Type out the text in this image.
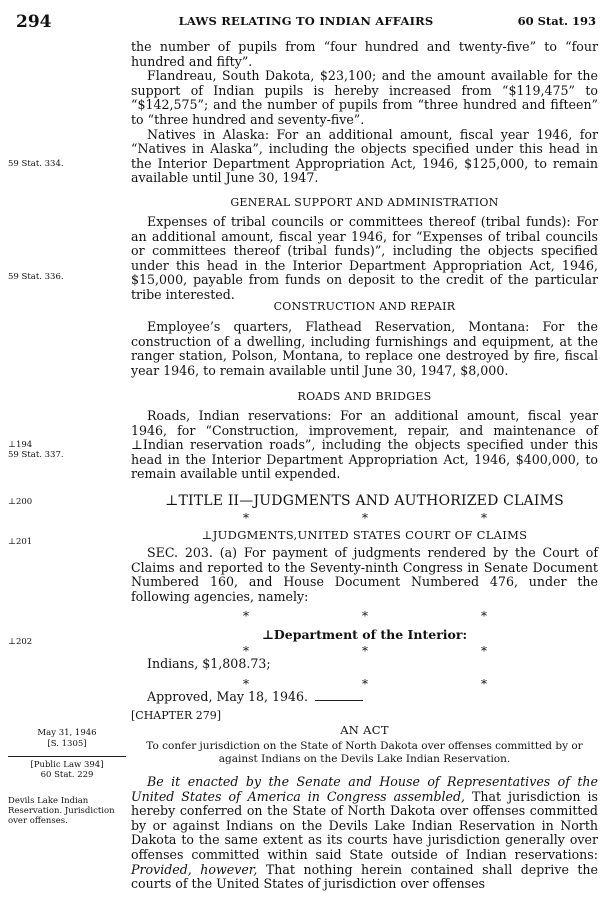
294	LAWS RELATING TO INDIAN AFFAIRS	60 Stat. 193
59 Stat. 334.
59 Stat. 336.
⊥194
59 Stat. 337.
⊥200
⊥201
⊥202
May 31, 1946
[S. 1305]
[Public Law 394]
60 Stat. 229
Devils Lake Indian Reservation. Jurisdiction over offenses.

the number of pupils from “four hundred and twenty-five” to “four hundred and fifty”.

Flandreau, South Dakota, $23,100; and the amount available for the support of Indian pupils is hereby increased from “$119,475” to “$142,575”; and the number of pupils from “three hundred and fifteen” to “three hundred and seventy-five”.

Natives in Alaska: For an additional amount, fiscal year 1946, for “Natives in Alaska”, including the objects specified under this head in the Interior Department Appropriation Act, 1946, $125,000, to remain available until June 30, 1947.

GENERAL SUPPORT AND ADMINISTRATION

Expenses of tribal councils or committees thereof (tribal funds): For an additional amount, fiscal year 1946, for “Expenses of tribal councils or committees thereof (tribal funds)”, including the objects specified under this head in the Interior Department Appropriation Act, 1946, $15,000, payable from funds on deposit to the credit of the particular tribe interested.

CONSTRUCTION AND REPAIR

Employee’s quarters, Flathead Reservation, Montana: For the construction of a dwelling, including furnishings and equipment, at the ranger station, Polson, Montana, to replace one destroyed by fire, fiscal year 1946, to remain available until June 30, 1947, $8,000.

ROADS AND BRIDGES

Roads, Indian reservations: For an additional amount, fiscal year 1946, for “Construction, improvement, repair, and maintenance of ⊥Indian reservation roads”, including the objects specified under this head in the Interior Department Appropriation Act, 1946, $400,000, to remain available until expended.

⊥TITLE II—JUDGMENTS AND AUTHORIZED CLAIMS
*	*	*
⊥JUDGMENTS,UNITED STATES COURT OF CLAIMS

SEC. 203. (a) For payment of judgments rendered by the Court of Claims and reported to the Seventy-ninth Congress in Senate Document Numbered 160, and House Document Numbered 476, under the following agencies, namely:

*	*	*
⊥Department of the Interior:
*	*	*

Indians, $1,808.73;

*	*	*

Approved, May 18, 1946.

[CHAPTER 279]
AN ACT
To confer jurisdiction on the State of North Dakota over offenses committed by or against Indians on the Devils Lake Indian Reservation.

Be it enacted by the Senate and House of Representatives of the United States of America in Congress assembled, That jurisdiction is hereby conferred on the State of North Dakota over offenses committed by or against Indians on the Devils Lake Indian Reservation in North Dakota to the same extent as its courts have jurisdiction generally over offenses committed within said State outside of Indian reservations: Provided, however, That nothing herein contained shall deprive the courts of the United States of jurisdiction over offenses
